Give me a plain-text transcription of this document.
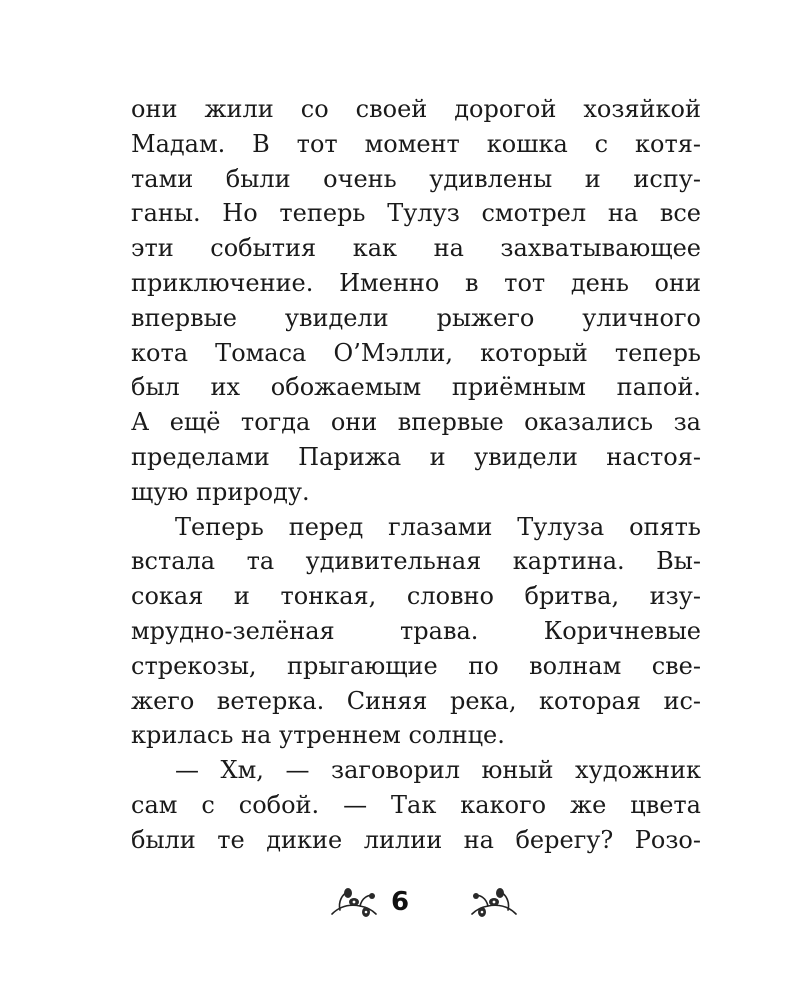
они жили со своей дорогой хозяйкой
Мадам. В тот момент кошка с котя-
тами были очень удивлены и испу-
ганы. Но теперь Тулуз смотрел на все
эти события как на захватывающее
приключение. Именно в тот день они
впервые увидели рыжего уличного
кота Томаса О’Мэлли, который теперь
был их обожаемым приёмным папой.
А ещё тогда они впервые оказались за
пределами Парижа и увидели настоя-
щую природу.
Теперь перед глазами Тулуза опять
встала та удивительная картина. Вы-
сокая и тонкая, словно бритва, изу-
мрудно-зелёная трава. Коричневые
стрекозы, прыгающие по волнам све-
жего ветерка. Синяя река, которая ис-
крилась на утреннем солнце.
— Хм, — заговорил юный художник
сам с собой. — Так какого же цвета
были те дикие лилии на берегу? Розо-
6
